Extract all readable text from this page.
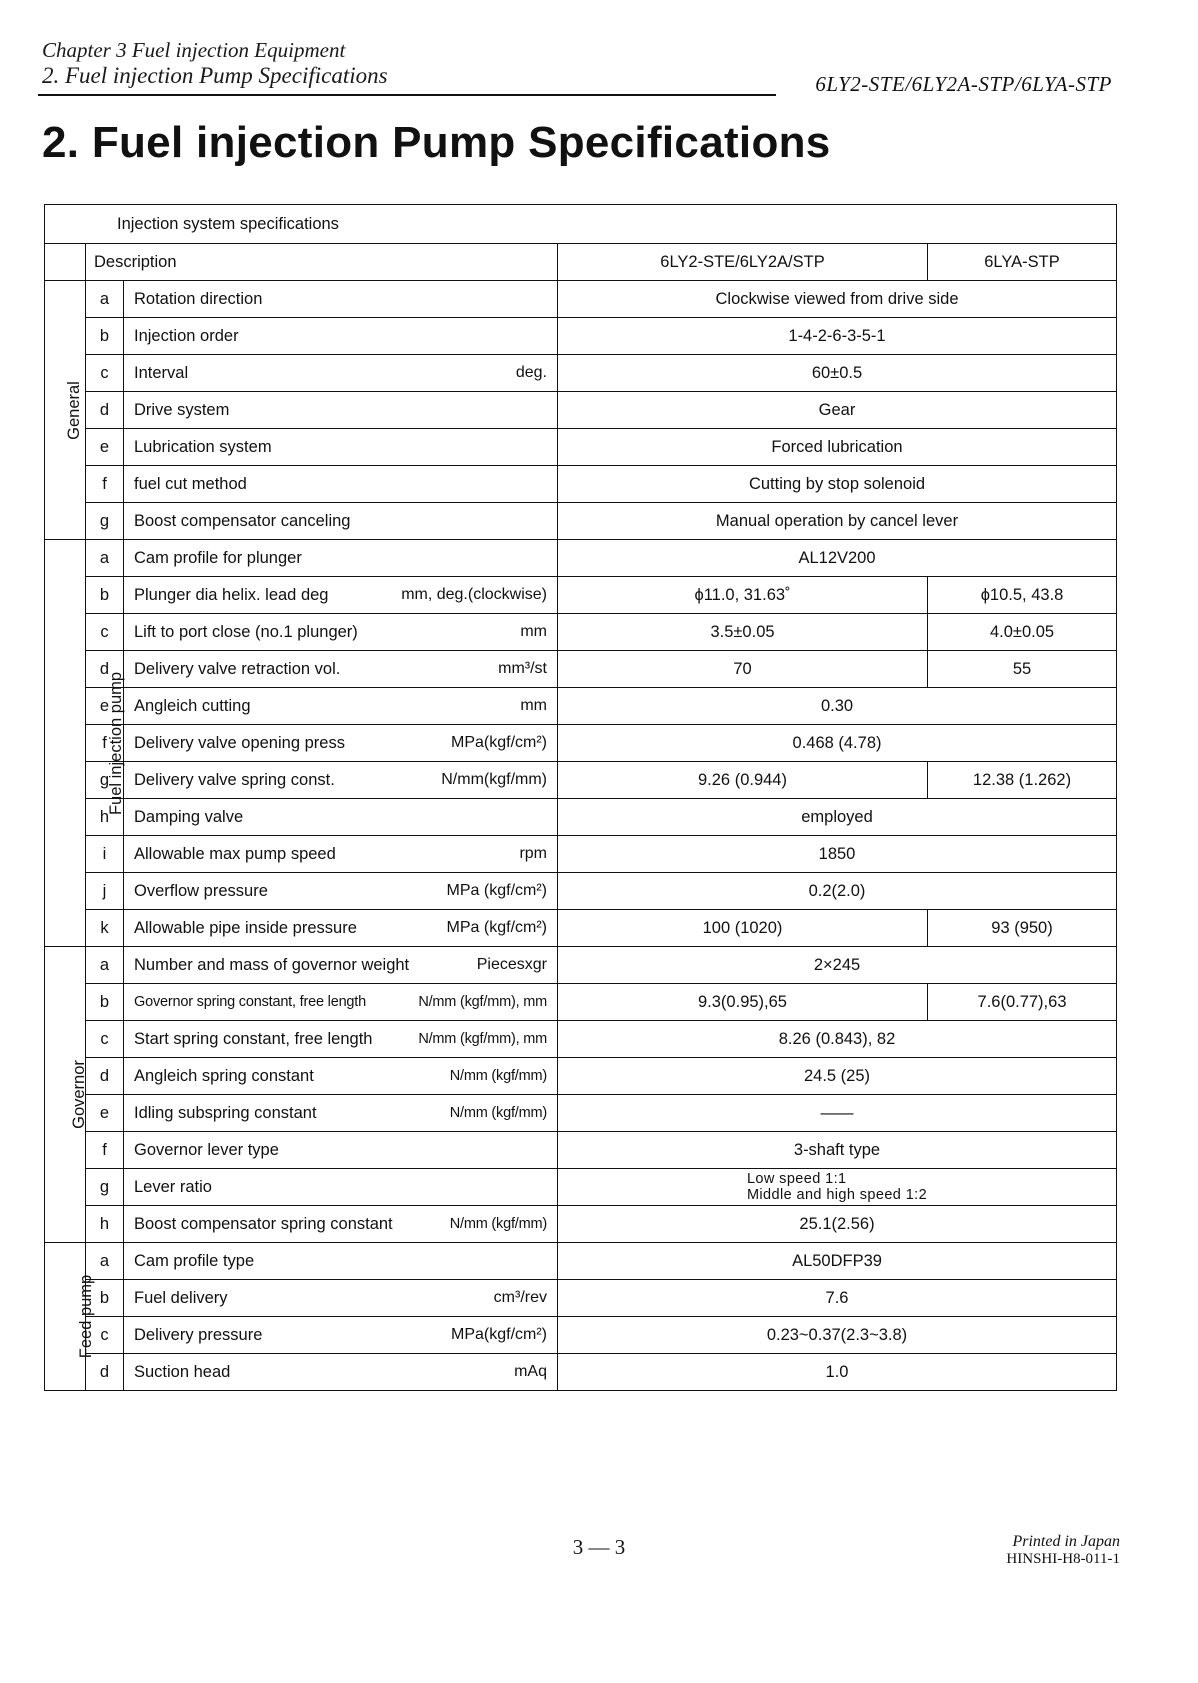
Chapter 3 Fuel injection Equipment
2. Fuel injection Pump Specifications	6LY2-STE/6LY2A-STP/6LYA-STP
2. Fuel injection Pump Specifications
Injection system specifications				
	Description		6LY2-STE/6LY2A/STP	6LYA-STP
General	a	Rotation direction	Clockwise viewed from drive side	
	b	Injection order	1-4-2-6-3-5-1	
	c	Interval deg.	60±0.5	
	d	Drive system	Gear	
	e	Lubrication system	Forced lubrication	
	f	fuel cut method	Cutting by stop solenoid	
	g	Boost compensator canceling	Manual operation by cancel lever	
Fuel injection pump	a	Cam profile for plunger	AL12V200	
	b	Plunger dia helix. lead deg mm, deg.(clockwise)	ϕ11.0, 31.63˚	ϕ10.5, 43.8
	c	Lift to port close (no.1 plunger) mm	3.5±0.05	4.0±0.05
	d	Delivery valve retraction vol. mm³/st	70	55
	e	Angleich cutting mm	0.30	
	f	Delivery valve opening press MPa(kgf/cm²)	0.468 (4.78)	
	g	Delivery valve spring const. N/mm(kgf/mm)	9.26 (0.944)	12.38 (1.262)
	h	Damping valve	employed	
	i	Allowable max pump speed rpm	1850	
	j	Overflow pressure MPa (kgf/cm²)	0.2(2.0)	
	k	Allowable pipe inside pressure MPa (kgf/cm²)	100 (1020)	93 (950)
Governor	a	Number and mass of governor weight Piecesxgr	2×245	
	b	Governor spring constant, free length N/mm (kgf/mm), mm	9.3(0.95),65	7.6(0.77),63
	c	Start spring constant, free length N/mm (kgf/mm), mm	8.26 (0.843), 82	
	d	Angleich spring constant N/mm (kgf/mm)	24.5 (25)	
	e	Idling subspring constant N/mm (kgf/mm)	——	
	f	Governor lever type	3-shaft type	
	g	Lever ratio	Low speed 1:1
Middle and high speed 1:2	

	h	Boost compensator spring constant N/mm (kgf/mm)	25.1(2.56)	
Feed pump	a	Cam profile type	AL50DFP39	
	b	Fuel delivery cm³/rev	7.6	
	c	Delivery pressure MPa(kgf/cm²)	0.23~0.37(2.3~3.8)	
	d	Suction head mAq	1.0	
3 — 3	Printed in Japan
HINSHI-H8-011-1
